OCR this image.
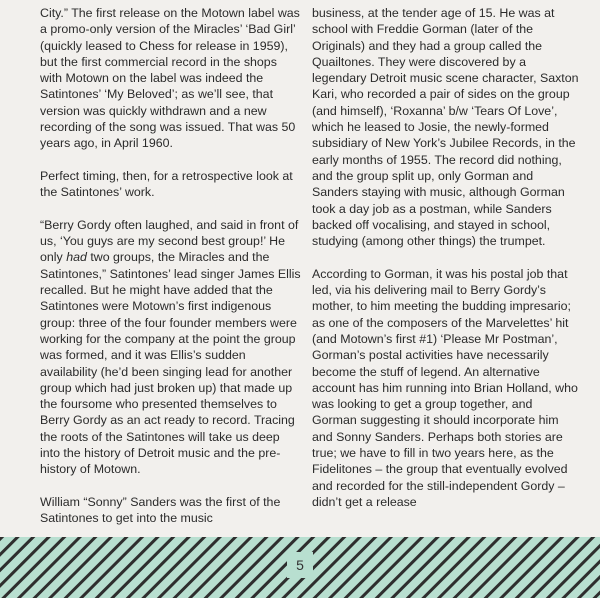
City.” The first release on the Motown label was a promo-only version of the Miracles’ ‘Bad Girl’ (quickly leased to Chess for release in 1959), but the first commercial record in the shops with Motown on the label was indeed the Satintones’ ‘My Beloved’; as we’ll see, that version was quickly withdrawn and a new recording of the song was issued. That was 50 years ago, in April 1960.

Perfect timing, then, for a retrospective look at the Satintones’ work.

“Berry Gordy often laughed, and said in front of us, ‘You guys are my second best group!’ He only had two groups, the Miracles and the Satintones,” Satintones’ lead singer James Ellis recalled. But he might have added that the Satintones were Motown’s first indigenous group: three of the four founder members were working for the company at the point the group was formed, and it was Ellis’s sudden availability (he’d been singing lead for another group which had just broken up) that made up the foursome who presented themselves to Berry Gordy as an act ready to record. Tracing the roots of the Satintones will take us deep into the history of Detroit music and the pre-history of Motown.

William “Sonny” Sanders was the first of the Satintones to get into the music

business, at the tender age of 15. He was at school with Freddie Gorman (later of the Originals) and they had a group called the Quailtones. They were discovered by a legendary Detroit music scene character, Saxton Kari, who recorded a pair of sides on the group (and himself), ‘Roxanna’ b/w ‘Tears Of Love’, which he leased to Josie, the newly-formed subsidiary of New York’s Jubilee Records, in the early months of 1955. The record did nothing, and the group split up, only Gorman and Sanders staying with music, although Gorman took a day job as a postman, while Sanders backed off vocalising, and stayed in school, studying (among other things) the trumpet.

According to Gorman, it was his postal job that led, via his delivering mail to Berry Gordy’s mother, to him meeting the budding impresario; as one of the composers of the Marvelettes’ hit (and Motown’s first #1) ‘Please Mr Postman’, Gorman’s postal activities have necessarily become the stuff of legend. An alternative account has him running into Brian Holland, who was looking to get a group together, and Gorman suggesting it should incorporate him and Sonny Sanders. Perhaps both stories are true; we have to fill in two years here, as the Fidelitones – the group that eventually evolved and recorded for the still-independent Gordy – didn’t get a release

5
